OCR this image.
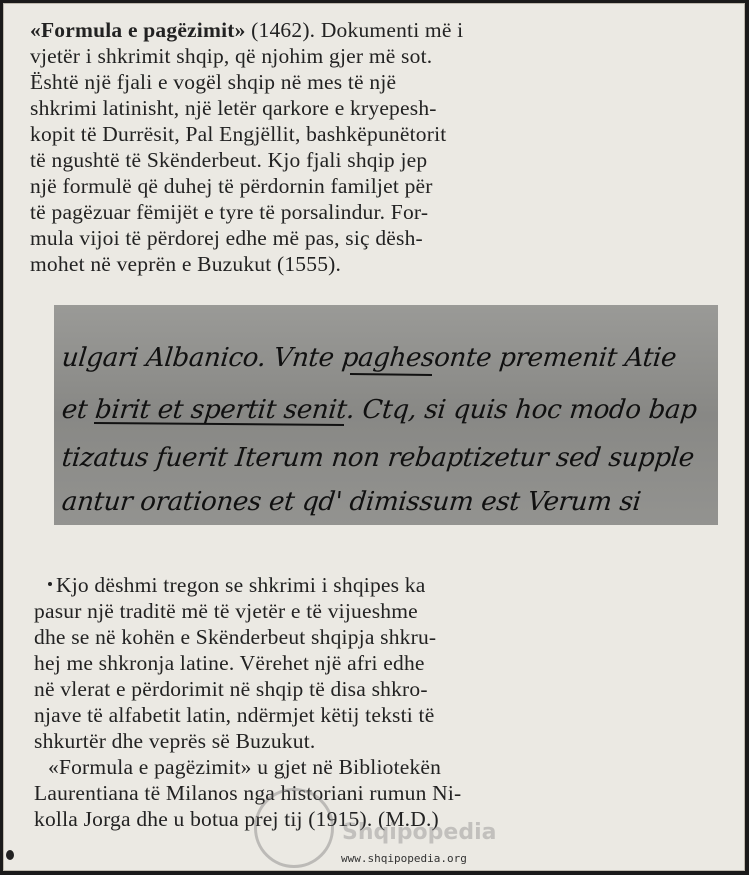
«Formula e pagëzimit» (1462). Dokumenti më i
vjetër i shkrimit shqip, që njohim gjer më sot.
Është një fjali e vogël shqip në mes të një
shkrimi latinisht, një letër qarkore e kryepesh-
kopit të Durrësit, Pal Engjëllit, bashkëpunëtorit
të ngushtë të Skënderbeut. Kjo fjali shqip jep
një formulë që duhej të përdornin familjet për
të pagëzuar fëmijët e tyre të porsalindur. For-
mula vijoi të përdorej edhe më pas, siç dësh-
mohet në veprën e Buzukut (1555).
ulgari Albanico. Vnte paghesonte premenit Atie
et birit et spertit senit. Ctq, si quis hoc modo bap
tizatus fuerit Iterum non rebaptizetur sed supple
antur orationes et qd' dimissum est Verum si
Kjo dëshmi tregon se shkrimi i shqipes ka
pasur një traditë më të vjetër e të vijueshme
dhe se në kohën e Skënderbeut shqipja shkru-
hej me shkronja latine. Vërehet një afri edhe
në vlerat e përdorimit në shqip të disa shkro-
njave të alfabetit latin, ndërmjet këtij teksti të
shkurtër dhe veprës së Buzukut.
«Formula e pagëzimit» u gjet në Bibliotekën
Laurentiana të Milanos nga historiani rumun Ni-
kolla Jorga dhe u botua prej tij (1915). (M.D.)
Shqipopedia
www.shqipopedia.org
